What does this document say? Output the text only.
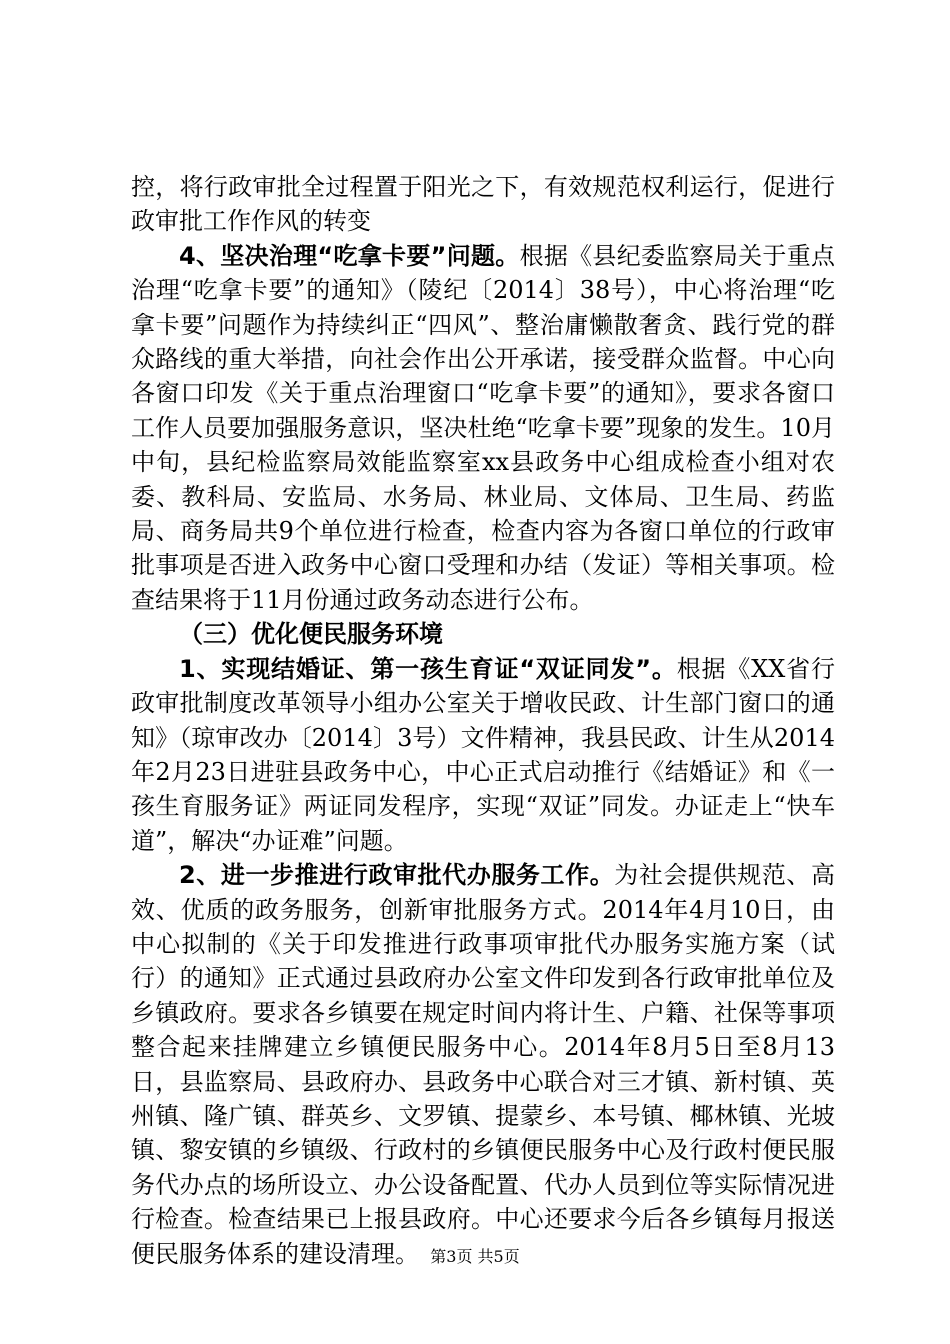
控，将行政审批全过程置于阳光之下，有效规范权利运行，促进行政审批工作作风的转变

4、坚决治理“吃拿卡要”问题。根据《县纪委监察局关于重点治理“吃拿卡要”的通知》（陵纪〔2014〕38号），中心将治理“吃拿卡要”问题作为持续纠正“四风”、整治庸懒散奢贪、践行党的群众路线的重大举措，向社会作出公开承诺，接受群众监督。中心向各窗口印发《关于重点治理窗口“吃拿卡要”的通知》，要求各窗口工作人员要加强服务意识，坚决杜绝“吃拿卡要”现象的发生。10月中旬，县纪检监察局效能监察室xx县政务中心组成检查小组对农委、教科局、安监局、水务局、林业局、文体局、卫生局、药监局、商务局共9个单位进行检查，检查内容为各窗口单位的行政审批事项是否进入政务中心窗口受理和办结（发证）等相关事项。检查结果将于11月份通过政务动态进行公布。

（三）优化便民服务环境

1、实现结婚证、第一孩生育证“双证同发”。根据《XX省行政审批制度改革领导小组办公室关于增收民政、计生部门窗口的通知》（琼审改办〔2014〕3号）文件精神，我县民政、计生从2014年2月23日进驻县政务中心，中心正式启动推行《结婚证》和《一孩生育服务证》两证同发程序，实现“双证”同发。办证走上“快车道”，解决“办证难”问题。

2、进一步推进行政审批代办服务工作。为社会提供规范、高效、优质的政务服务，创新审批服务方式。2014年4月10日，由中心拟制的《关于印发推进行政事项审批代办服务实施方案（试行）的通知》正式通过县政府办公室文件印发到各行政审批单位及乡镇政府。要求各乡镇要在规定时间内将计生、户籍、社保等事项整合起来挂牌建立乡镇便民服务中心。2014年8月5日至8月13日，县监察局、县政府办、县政务中心联合对三才镇、新村镇、英州镇、隆广镇、群英乡、文罗镇、提蒙乡、本号镇、椰林镇、光坡镇、黎安镇的乡镇级、行政村的乡镇便民服务中心及行政村便民服务代办点的场所设立、办公设备配置、代办人员到位等实际情况进行检查。检查结果已上报县政府。中心还要求今后各乡镇每月报送便民服务体系的建设清理。 第3页 共5页
